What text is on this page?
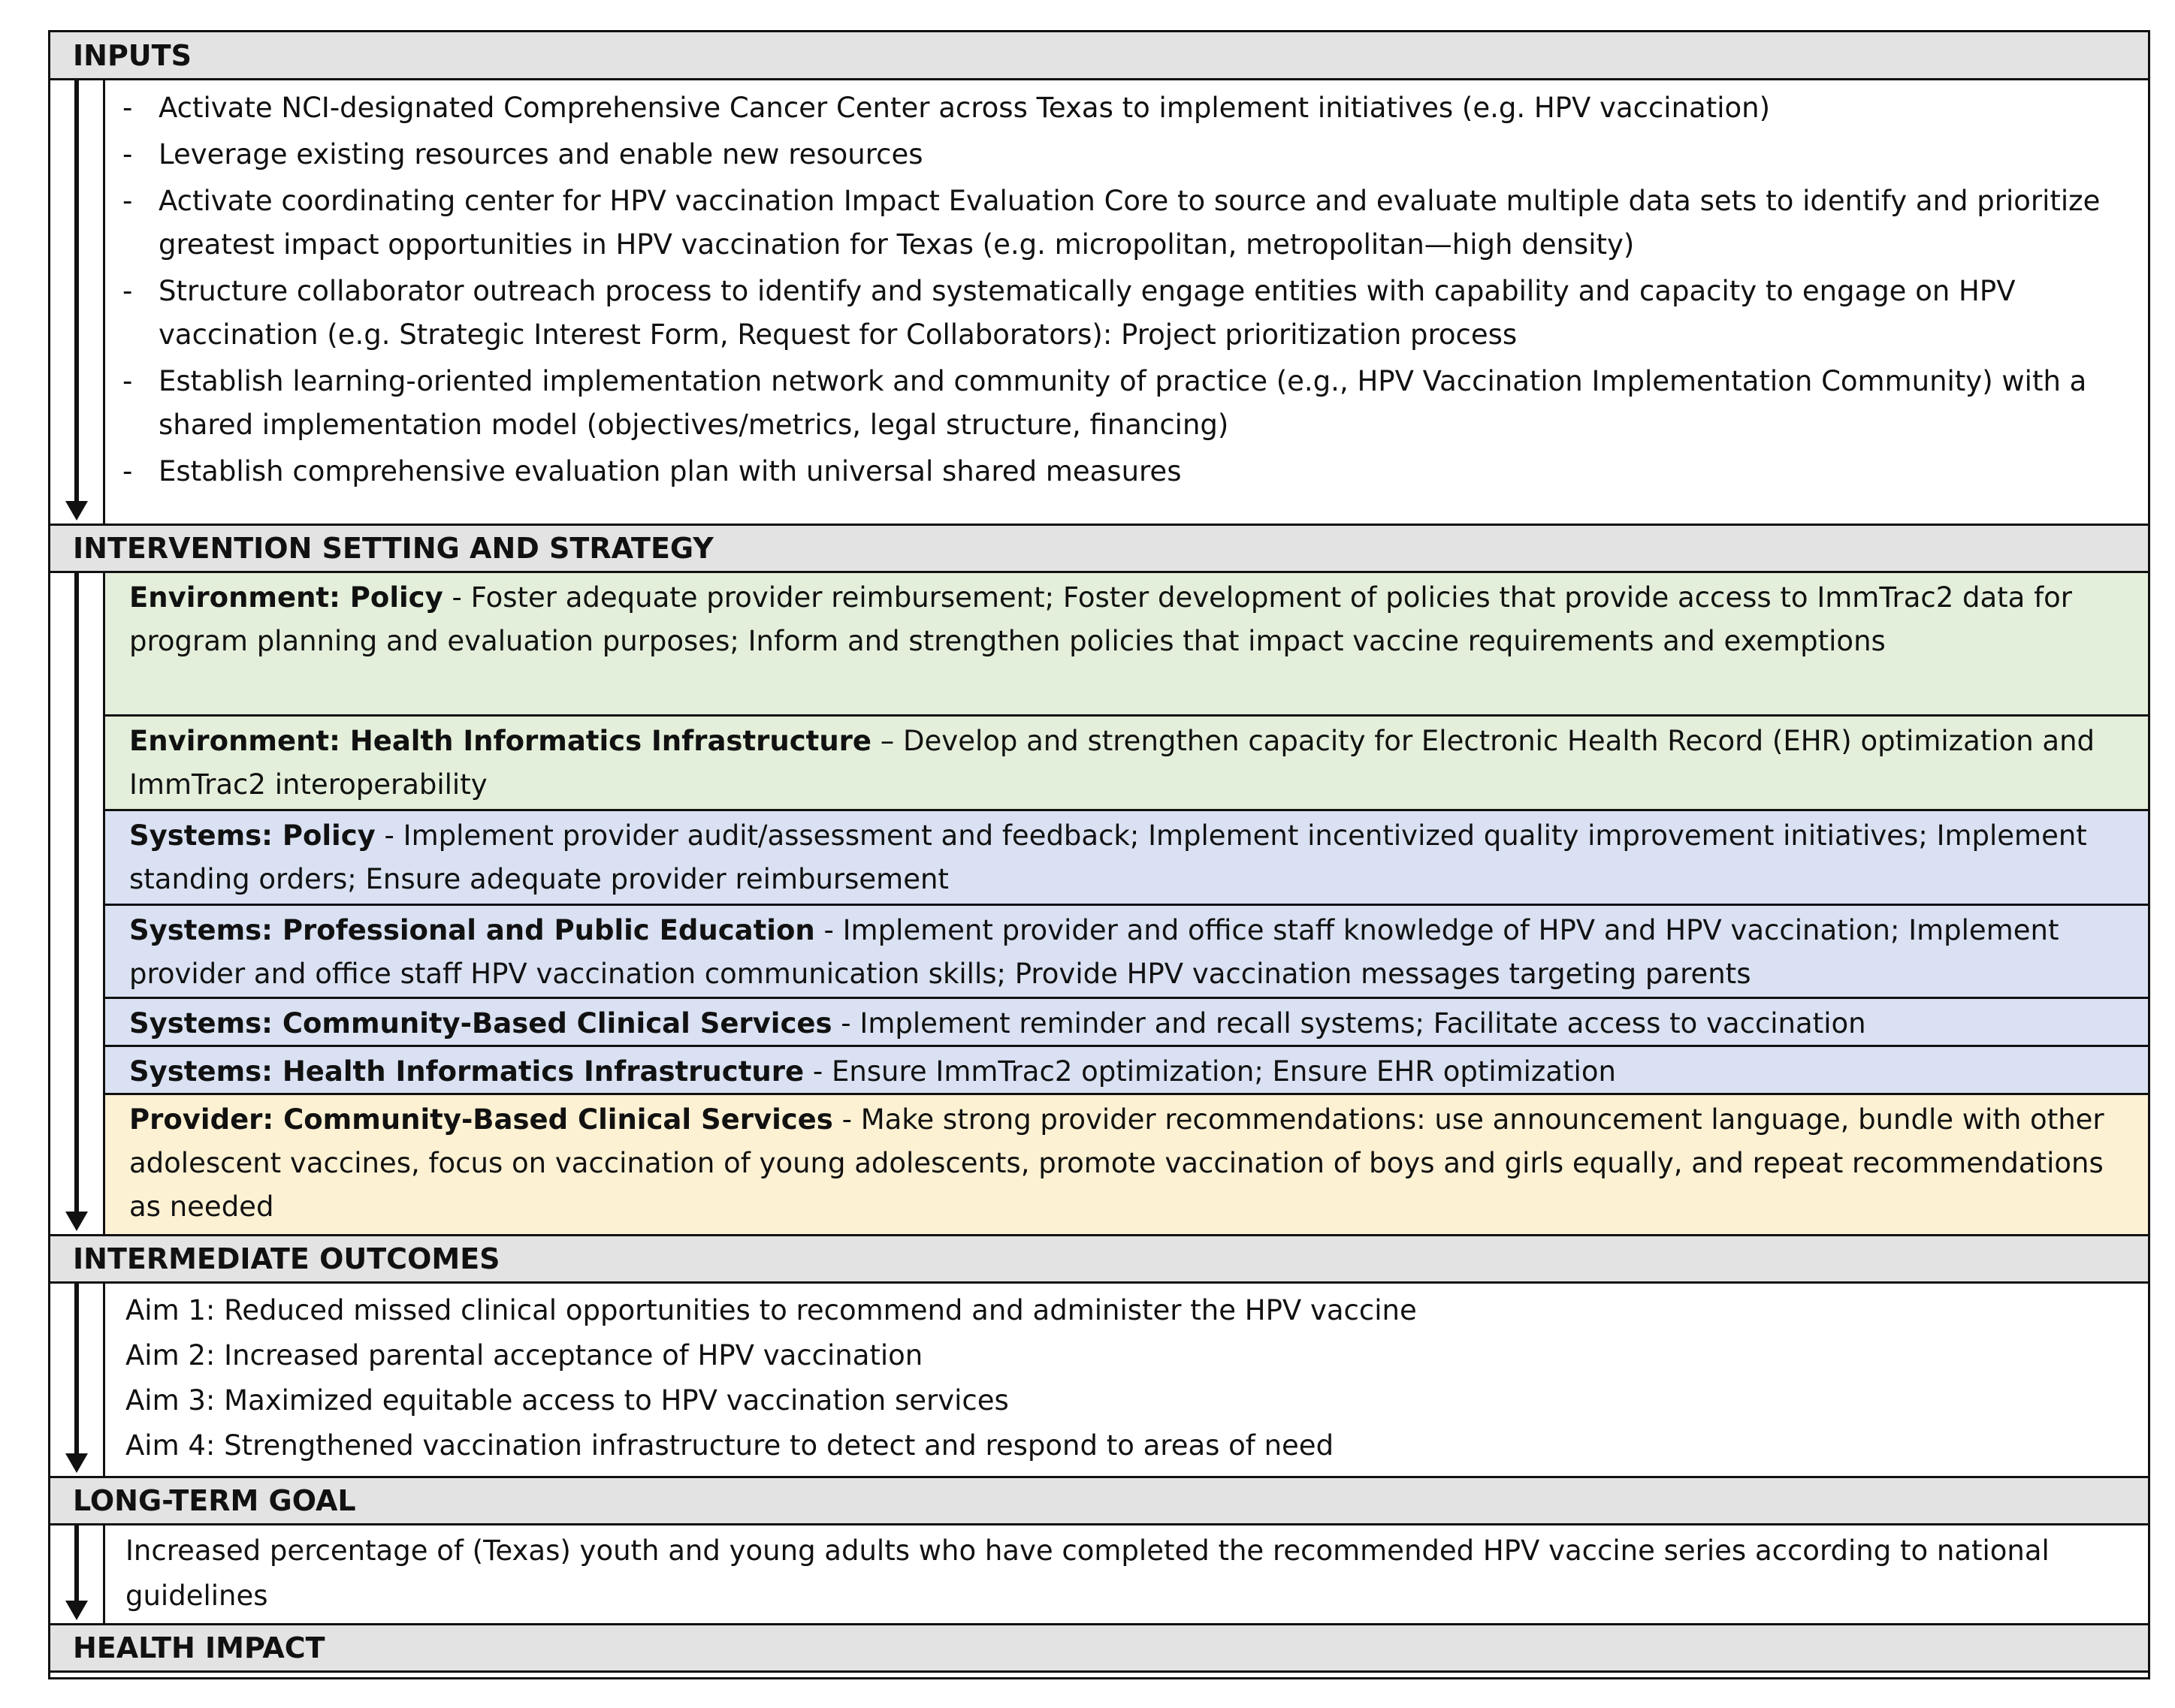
INPUTS
- Activate NCI-designated Comprehensive Cancer Center across Texas to implement initiatives (e.g. HPV vaccination)
- Leverage existing resources and enable new resources
- Activate coordinating center for HPV vaccination Impact Evaluation Core to source and evaluate multiple data sets to identify and prioritize greatest impact opportunities in HPV vaccination for Texas (e.g. micropolitan, metropolitan—high density)
- Structure collaborator outreach process to identify and systematically engage entities with capability and capacity to engage on HPV vaccination (e.g. Strategic Interest Form, Request for Collaborators): Project prioritization process
- Establish learning-oriented implementation network and community of practice (e.g., HPV Vaccination Implementation Community) with a shared implementation model (objectives/metrics, legal structure, financing)
- Establish comprehensive evaluation plan with universal shared measures
INTERVENTION SETTING AND STRATEGY
Environment: Policy - Foster adequate provider reimbursement; Foster development of policies that provide access to ImmTrac2 data for program planning and evaluation purposes; Inform and strengthen policies that impact vaccine requirements and exemptions
Environment: Health Informatics Infrastructure – Develop and strengthen capacity for Electronic Health Record (EHR) optimization and ImmTrac2 interoperability
Systems: Policy - Implement provider audit/assessment and feedback; Implement incentivized quality improvement initiatives; Implement standing orders; Ensure adequate provider reimbursement
Systems: Professional and Public Education - Implement provider and office staff knowledge of HPV and HPV vaccination; Implement provider and office staff HPV vaccination communication skills; Provide HPV vaccination messages targeting parents
Systems: Community-Based Clinical Services - Implement reminder and recall systems; Facilitate access to vaccination
Systems: Health Informatics Infrastructure - Ensure ImmTrac2 optimization; Ensure EHR optimization
Provider: Community-Based Clinical Services - Make strong provider recommendations: use announcement language, bundle with other adolescent vaccines, focus on vaccination of young adolescents, promote vaccination of boys and girls equally, and repeat recommendations as needed
INTERMEDIATE OUTCOMES
Aim 1: Reduced missed clinical opportunities to recommend and administer the HPV vaccine
Aim 2: Increased parental acceptance of HPV vaccination
Aim 3: Maximized equitable access to HPV vaccination services
Aim 4: Strengthened vaccination infrastructure to detect and respond to areas of need
LONG-TERM GOAL
Increased percentage of (Texas) youth and young adults who have completed the recommended HPV vaccine series according to national guidelines
HEALTH IMPACT
